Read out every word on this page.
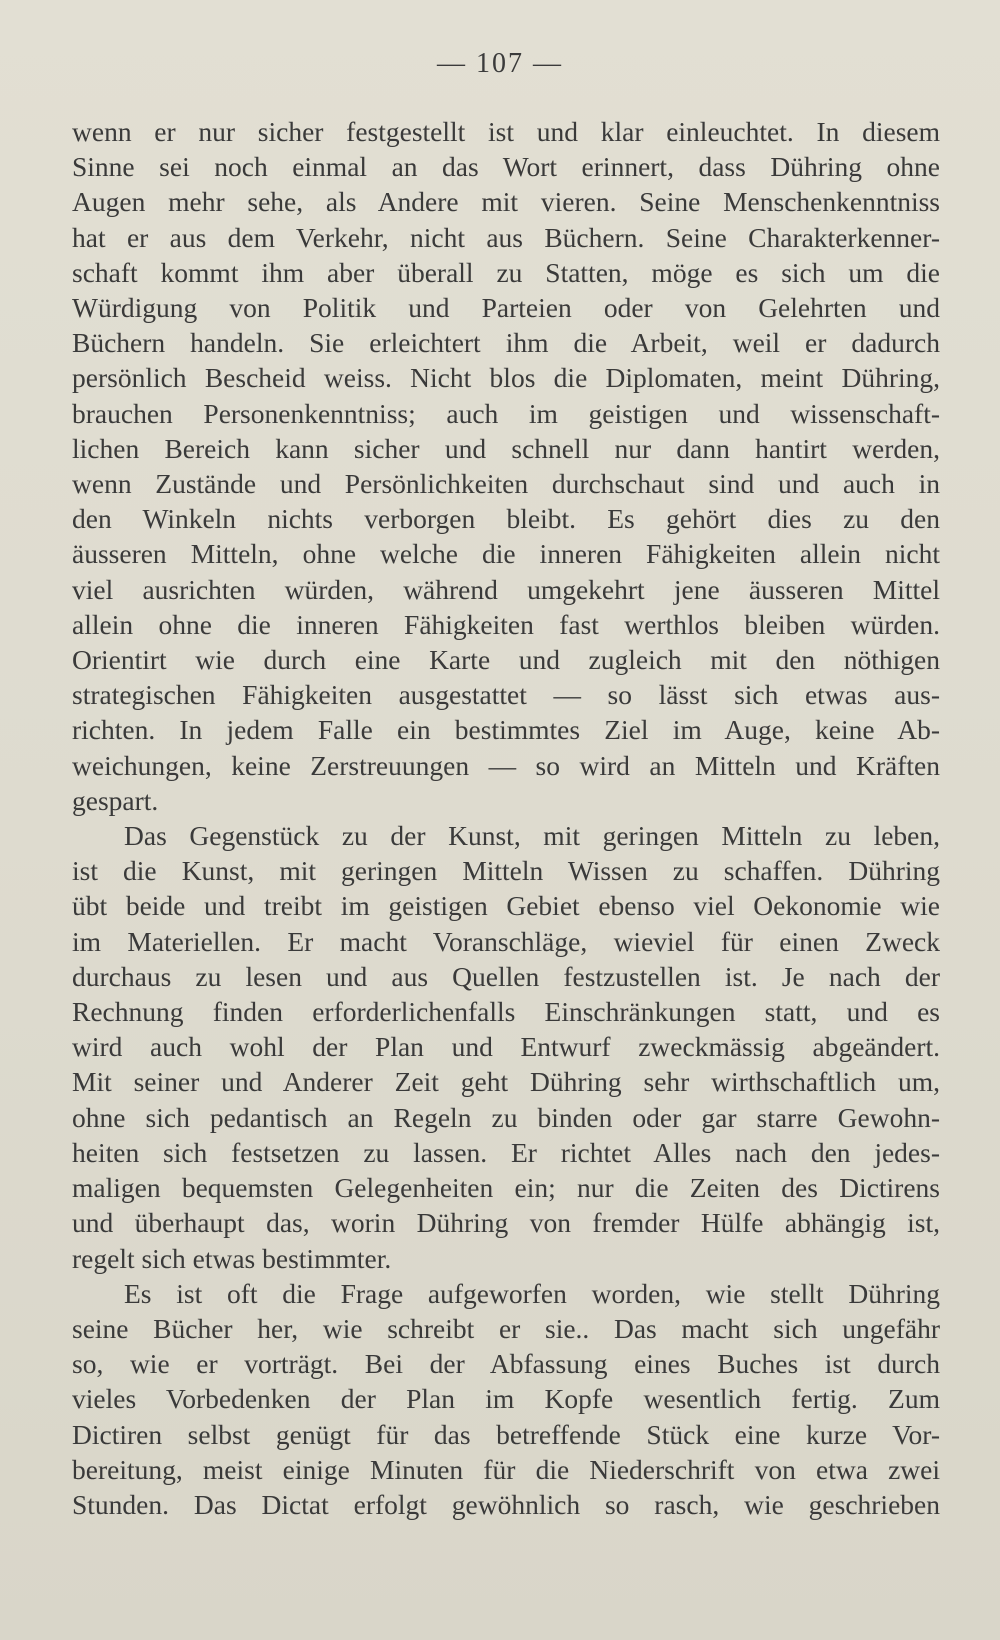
— 107 —
wenn er nur sicher festgestellt ist und klar einleuchtet. In diesem
Sinne sei noch einmal an das Wort erinnert, dass Dühring ohne
Augen mehr sehe, als Andere mit vieren. Seine Menschenkenntniss
hat er aus dem Verkehr, nicht aus Büchern. Seine Charakterkenner-
schaft kommt ihm aber überall zu Statten, möge es sich um die
Würdigung von Politik und Parteien oder von Gelehrten und
Büchern handeln. Sie erleichtert ihm die Arbeit, weil er dadurch
persönlich Bescheid weiss. Nicht blos die Diplomaten, meint Dühring,
brauchen Personenkenntniss; auch im geistigen und wissenschaft-
lichen Bereich kann sicher und schnell nur dann hantirt werden,
wenn Zustände und Persönlichkeiten durchschaut sind und auch in
den Winkeln nichts verborgen bleibt. Es gehört dies zu den
äusseren Mitteln, ohne welche die inneren Fähigkeiten allein nicht
viel ausrichten würden, während umgekehrt jene äusseren Mittel
allein ohne die inneren Fähigkeiten fast werthlos bleiben würden.
Orientirt wie durch eine Karte und zugleich mit den nöthigen
strategischen Fähigkeiten ausgestattet — so lässt sich etwas aus-
richten. In jedem Falle ein bestimmtes Ziel im Auge, keine Ab-
weichungen, keine Zerstreuungen — so wird an Mitteln und Kräften
gespart.
Das Gegenstück zu der Kunst, mit geringen Mitteln zu leben,
ist die Kunst, mit geringen Mitteln Wissen zu schaffen. Dühring
übt beide und treibt im geistigen Gebiet ebenso viel Oekonomie wie
im Materiellen. Er macht Voranschläge, wieviel für einen Zweck
durchaus zu lesen und aus Quellen festzustellen ist. Je nach der
Rechnung finden erforderlichenfalls Einschränkungen statt, und es
wird auch wohl der Plan und Entwurf zweckmässig abgeändert.
Mit seiner und Anderer Zeit geht Dühring sehr wirthschaftlich um,
ohne sich pedantisch an Regeln zu binden oder gar starre Gewohn-
heiten sich festsetzen zu lassen. Er richtet Alles nach den jedes-
maligen bequemsten Gelegenheiten ein; nur die Zeiten des Dictirens
und überhaupt das, worin Dühring von fremder Hülfe abhängig ist,
regelt sich etwas bestimmter.
Es ist oft die Frage aufgeworfen worden, wie stellt Dühring
seine Bücher her, wie schreibt er sie.. Das macht sich ungefähr
so, wie er vorträgt. Bei der Abfassung eines Buches ist durch
vieles Vorbedenken der Plan im Kopfe wesentlich fertig. Zum
Dictiren selbst genügt für das betreffende Stück eine kurze Vor-
bereitung, meist einige Minuten für die Niederschrift von etwa zwei
Stunden. Das Dictat erfolgt gewöhnlich so rasch, wie geschrieben
